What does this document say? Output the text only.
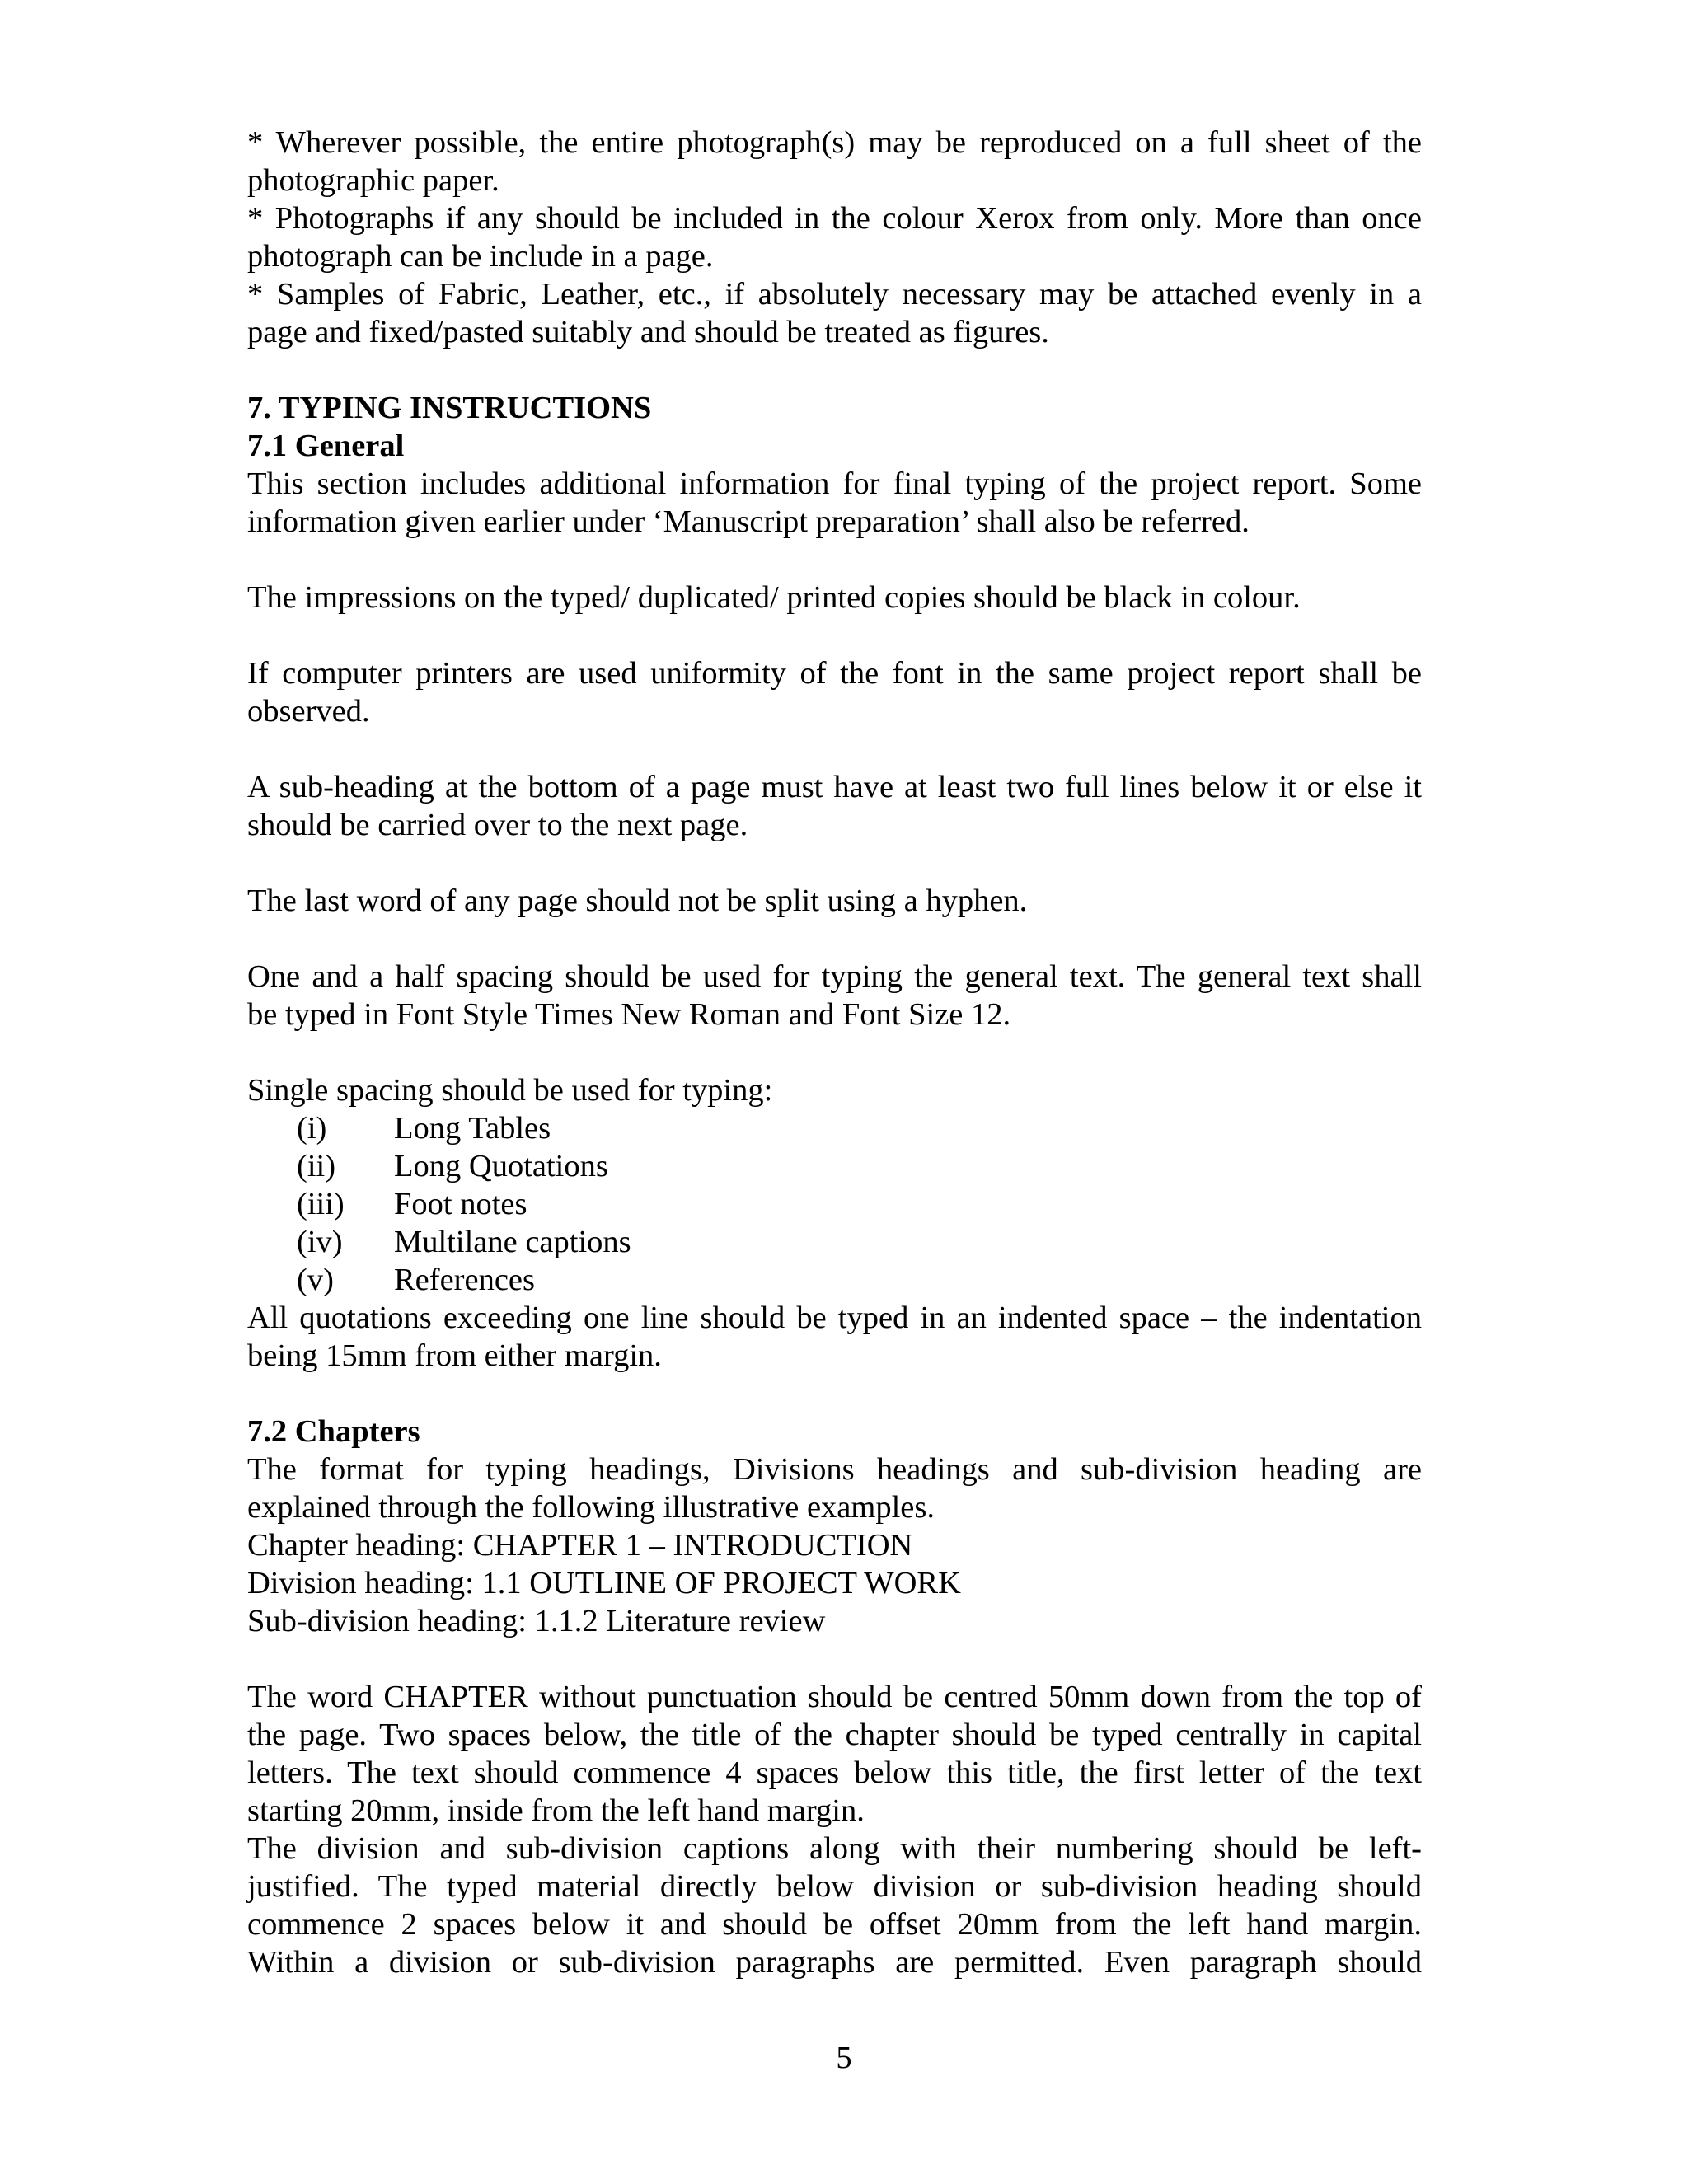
* Wherever possible, the entire photograph(s) may be reproduced on a full sheet of the
photographic paper.
* Photographs if any should be included in the colour Xerox from only. More than once
photograph can be include in a page.
* Samples of Fabric, Leather, etc., if absolutely necessary may be attached evenly in a
page and fixed/pasted suitably and should be treated as figures.
7. TYPING INSTRUCTIONS
7.1 General
This section includes additional information for final typing of the project report. Some
information given earlier under ‘Manuscript preparation’ shall also be referred.
The impressions on the typed/ duplicated/ printed copies should be black in colour.
If computer printers are used uniformity of the font in the same project report shall be
observed.
A sub-heading at the bottom of a page must have at least two full lines below it or else it
should be carried over to the next page.
The last word of any page should not be split using a hyphen.
One and a half spacing should be used for typing the general text. The general text shall
be typed in Font Style Times New Roman and Font Size 12.
Single spacing should be used for typing:
(i) Long Tables
(ii) Long Quotations
(iii) Foot notes
(iv) Multilane captions
(v) References
All quotations exceeding one line should be typed in an indented space – the indentation
being 15mm from either margin.
7.2 Chapters
The format for typing headings, Divisions headings and sub-division heading are
explained through the following illustrative examples.
Chapter heading: CHAPTER 1 – INTRODUCTION
Division heading: 1.1 OUTLINE OF PROJECT WORK
Sub-division heading: 1.1.2 Literature review
The word CHAPTER without punctuation should be centred 50mm down from the top of
the page. Two spaces below, the title of the chapter should be typed centrally in capital
letters. The text should commence 4 spaces below this title, the first letter of the text
starting 20mm, inside from the left hand margin.
The division and sub-division captions along with their numbering should be left-
justified. The typed material directly below division or sub-division heading should
commence 2 spaces below it and should be offset 20mm from the left hand margin.
Within a division or sub-division paragraphs are permitted. Even paragraph should
5
